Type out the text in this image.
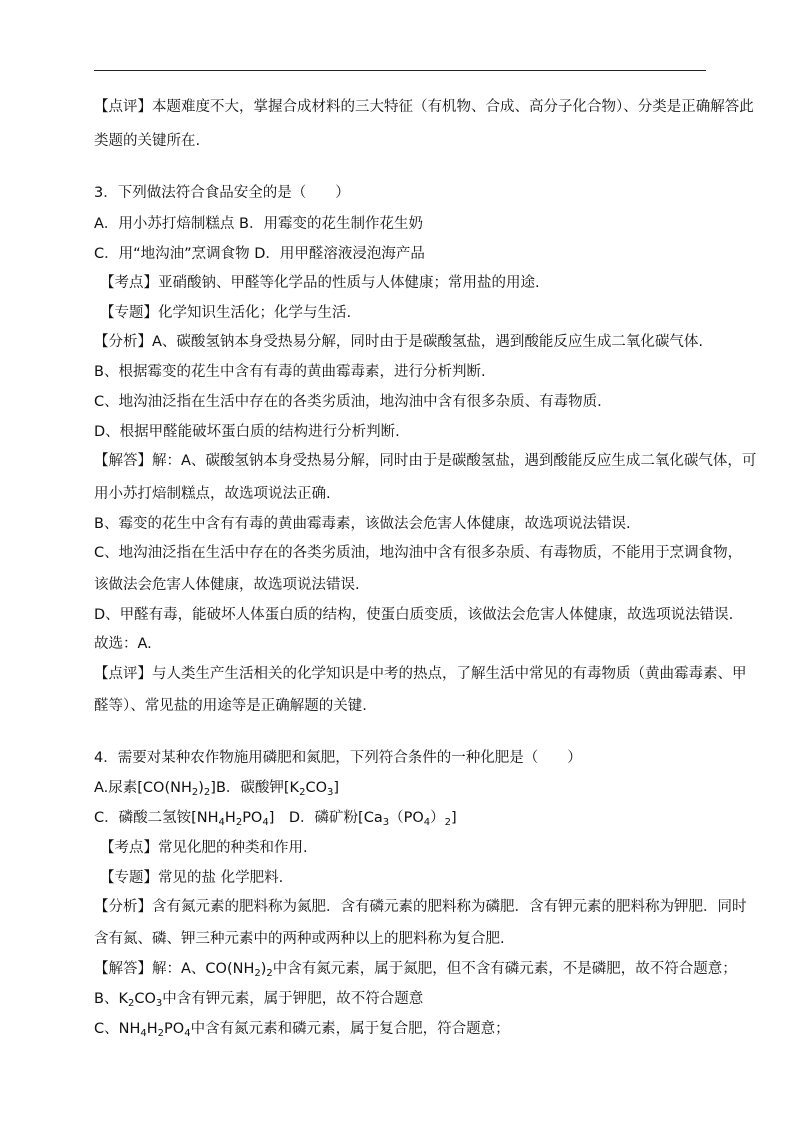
【点评】本题难度不大，掌握合成材料的三大特征（有机物、合成、高分子化合物）、分类是正确解答此
类题的关键所在.
3．下列做法符合食品安全的是（　　）
A．用小苏打焙制糕点 B．用霉变的花生制作花生奶
C．用“地沟油”烹调食物 D．用甲醛溶液浸泡海产品
【考点】亚硝酸钠、甲醛等化学品的性质与人体健康；常用盐的用途.
【专题】化学知识生活化；化学与生活.
【分析】A、碳酸氢钠本身受热易分解，同时由于是碳酸氢盐，遇到酸能反应生成二氧化碳气体.
B、根据霉变的花生中含有有毒的黄曲霉毒素，进行分析判断.
C、地沟油泛指在生活中存在的各类劣质油，地沟油中含有很多杂质、有毒物质.
D、根据甲醛能破坏蛋白质的结构进行分析判断.
【解答】解：A、碳酸氢钠本身受热易分解，同时由于是碳酸氢盐，遇到酸能反应生成二氧化碳气体，可
用小苏打焙制糕点，故选项说法正确.
B、霉变的花生中含有有毒的黄曲霉毒素，该做法会危害人体健康，故选项说法错误.
C、地沟油泛指在生活中存在的各类劣质油，地沟油中含有很多杂质、有毒物质，不能用于烹调食物，
该做法会危害人体健康，故选项说法错误.
D、甲醛有毒，能破坏人体蛋白质的结构，使蛋白质变质，该做法会危害人体健康，故选项说法错误.
故选：A.
【点评】与人类生产生活相关的化学知识是中考的热点，了解生活中常见的有毒物质（黄曲霉毒素、甲
醛等）、常见盐的用途等是正确解题的关键.
4．需要对某种农作物施用磷肥和氮肥，下列符合条件的一种化肥是（　　）
A.尿素$[CO(NH_2)_2]B$．碳酸钾$[K_2CO_3]$
C．磷酸二氢铵$[NH_4H_2PO_4]$　D．磷矿粉$[Ca_3(PO_4)_2]$
【考点】常见化肥的种类和作用.
【专题】常见的盐 化学肥料.
【分析】含有氮元素的肥料称为氮肥．含有磷元素的肥料称为磷肥．含有钾元素的肥料称为钾肥．同时
含有氮、磷、钾三种元素中的两种或两种以上的肥料称为复合肥.
【解答】解：A、$CO(NH_2)_2$中含有氮元素，属于氮肥，但不含有磷元素，不是磷肥，故不符合题意；
B、$K_2CO_3$中含有钾元素，属于钾肥，故不符合题意
C、$NH_4H_2PO_4$中含有氮元素和磷元素，属于复合肥，符合题意；
